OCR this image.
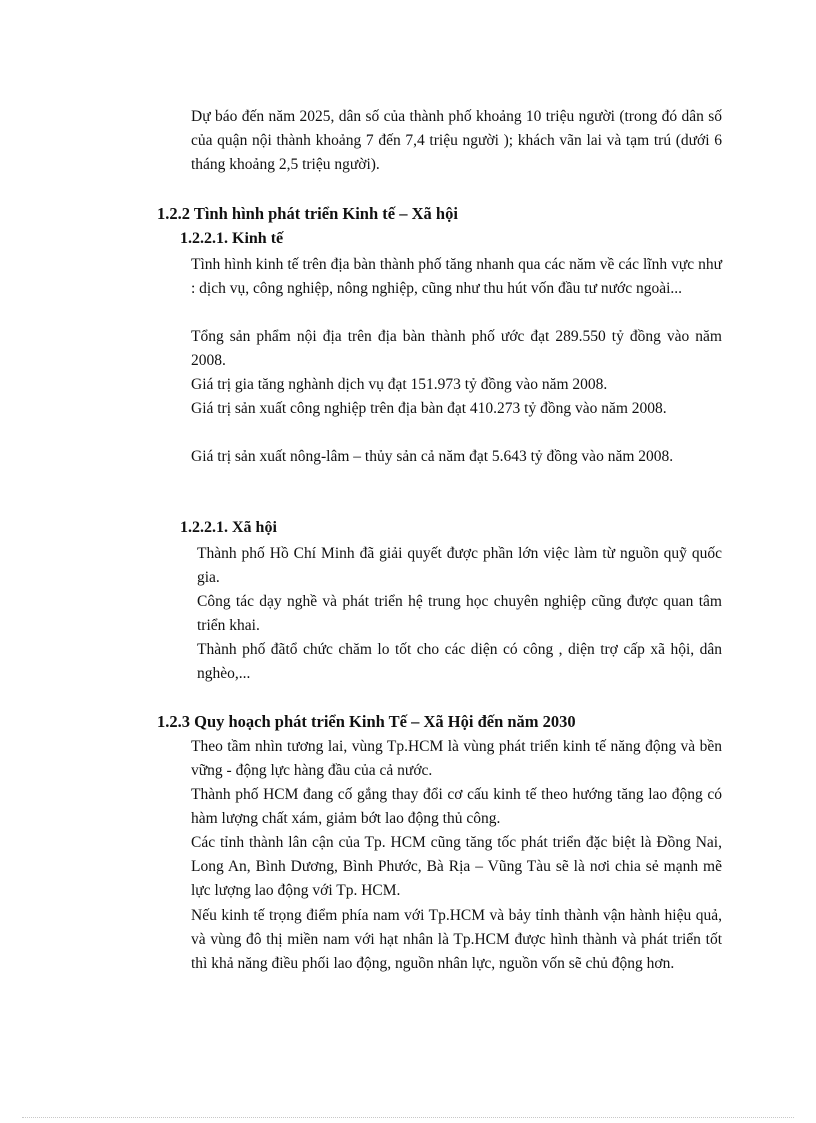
Dự báo đến năm 2025, dân số của thành phố khoảng 10 triệu người (trong đó dân số của quận nội thành khoảng 7 đến 7,4 triệu người ); khách vãn lai và tạm trú (dưới 6 tháng khoảng 2,5 triệu người).

1.2.2 Tình hình phát triển Kinh tế – Xã hội
1.2.2.1. Kinh tế

Tình hình kinh tế trên địa bàn thành phố tăng nhanh qua các năm về các lĩnh vực như : dịch vụ, công nghiệp, nông nghiệp, cũng như thu hút vốn đầu tư nước ngoài...

Tổng sản phẩm nội địa trên địa bàn thành phố ước đạt 289.550 tỷ đồng vào năm 2008.

Giá trị gia tăng nghành dịch vụ đạt 151.973 tỷ đồng vào năm 2008.

Giá trị sản xuất công nghiệp trên địa bàn đạt 410.273 tỷ đồng vào năm 2008.

Giá trị sản xuất nông-lâm – thủy sản cả năm đạt 5.643 tỷ đồng vào năm 2008.

1.2.2.1. Xã hội

Thành phố Hồ Chí Minh đã giải quyết được phần lớn việc làm từ nguồn quỹ quốc gia.

Công tác dạy nghề và phát triển hệ trung học chuyên nghiệp cũng được quan tâm triển khai.

Thành phố đãtổ chức chăm lo tốt cho các diện có công , diện trợ cấp xã hội, dân nghèo,...

1.2.3 Quy hoạch phát triển Kinh Tế – Xã Hội đến năm 2030

Theo tầm nhìn tương lai, vùng Tp.HCM là vùng phát triển kinh tế năng động và bền vững - động lực hàng đầu của cả nước.

Thành phố HCM đang cố gắng thay đổi cơ cấu kinh tế theo hướng tăng lao động có hàm lượng chất xám, giảm bớt lao động thủ công.

Các tỉnh thành lân cận của Tp. HCM cũng tăng tốc phát triển đặc biệt là Đồng Nai, Long An, Bình Dương, Bình Phước, Bà Rịa – Vũng Tàu sẽ là nơi chia sẻ mạnh mẽ lực lượng lao động với Tp. HCM.

Nếu kinh tế trọng điểm phía nam với Tp.HCM và bảy tỉnh thành vận hành hiệu quả, và vùng đô thị miền nam với hạt nhân là Tp.HCM được hình thành và phát triển tốt thì khả năng điều phối lao động, nguồn nhân lực, nguồn vốn sẽ chủ động hơn.
